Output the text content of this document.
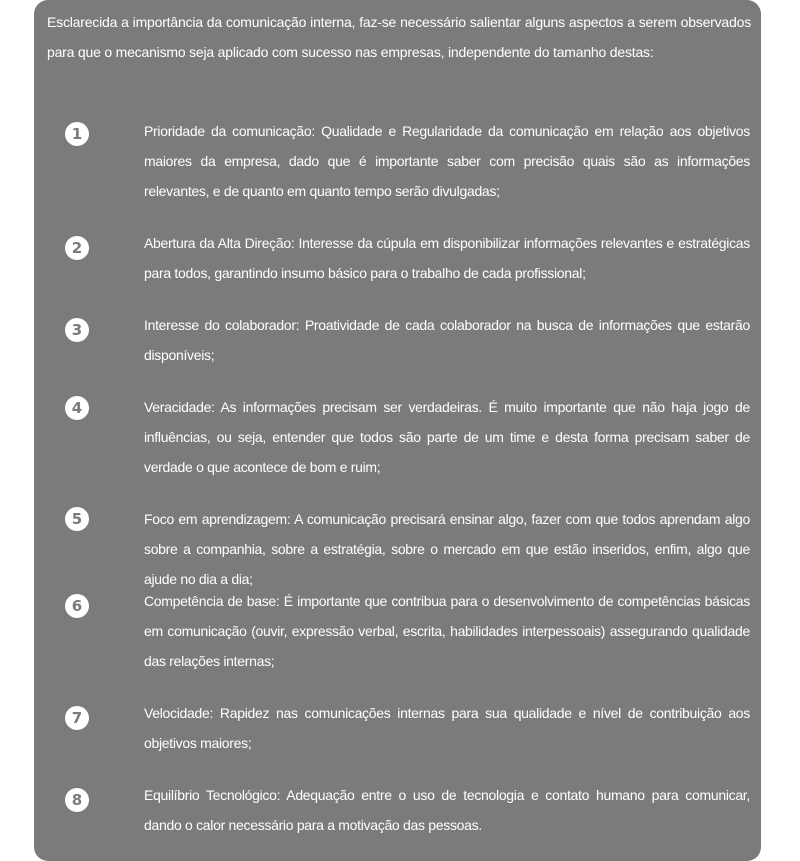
Esclarecida a importância da comunicação interna, faz-se necessário salientar alguns aspectos a serem observados para que o mecanismo seja aplicado com sucesso nas empresas, independente do tamanho destas:
1	Prioridade da comunicação: Qualidade e Regularidade da comunicação em relação aos objetivos maiores da empresa, dado que é importante saber com precisão quais são as informações relevantes, e de quanto em quanto tempo serão divulgadas;
2	Abertura da Alta Direção: Interesse da cúpula em disponibilizar informações relevantes e estratégicas para todos, garantindo insumo básico para o trabalho de cada profissional;
3	Interesse do colaborador: Proatividade de cada colaborador na busca de informações que estarão disponíveis;
4	Veracidade: As informações precisam ser verdadeiras. É muito importante que não haja jogo de influências, ou seja, entender que todos são parte de um time e desta forma precisam saber de verdade o que acontece de bom e ruim;
5	Foco em aprendizagem: A comunicação precisará ensinar algo, fazer com que todos aprendam algo sobre a companhia, sobre a estratégia, sobre o mercado em que estão inseridos, enfim, algo que ajude no dia a dia;
6	Competência de base: É importante que contribua para o desenvolvimento de competências básicas em comunicação (ouvir, expressão verbal, escrita, habilidades interpessoais) assegurando qualidade das relações internas;
7	Velocidade: Rapidez nas comunicações internas para sua qualidade e nível de contribuição aos objetivos maiores;
8	Equilíbrio Tecnológico: Adequação entre o uso de tecnologia e contato humano para comunicar, dando o calor necessário para a motivação das pessoas.
